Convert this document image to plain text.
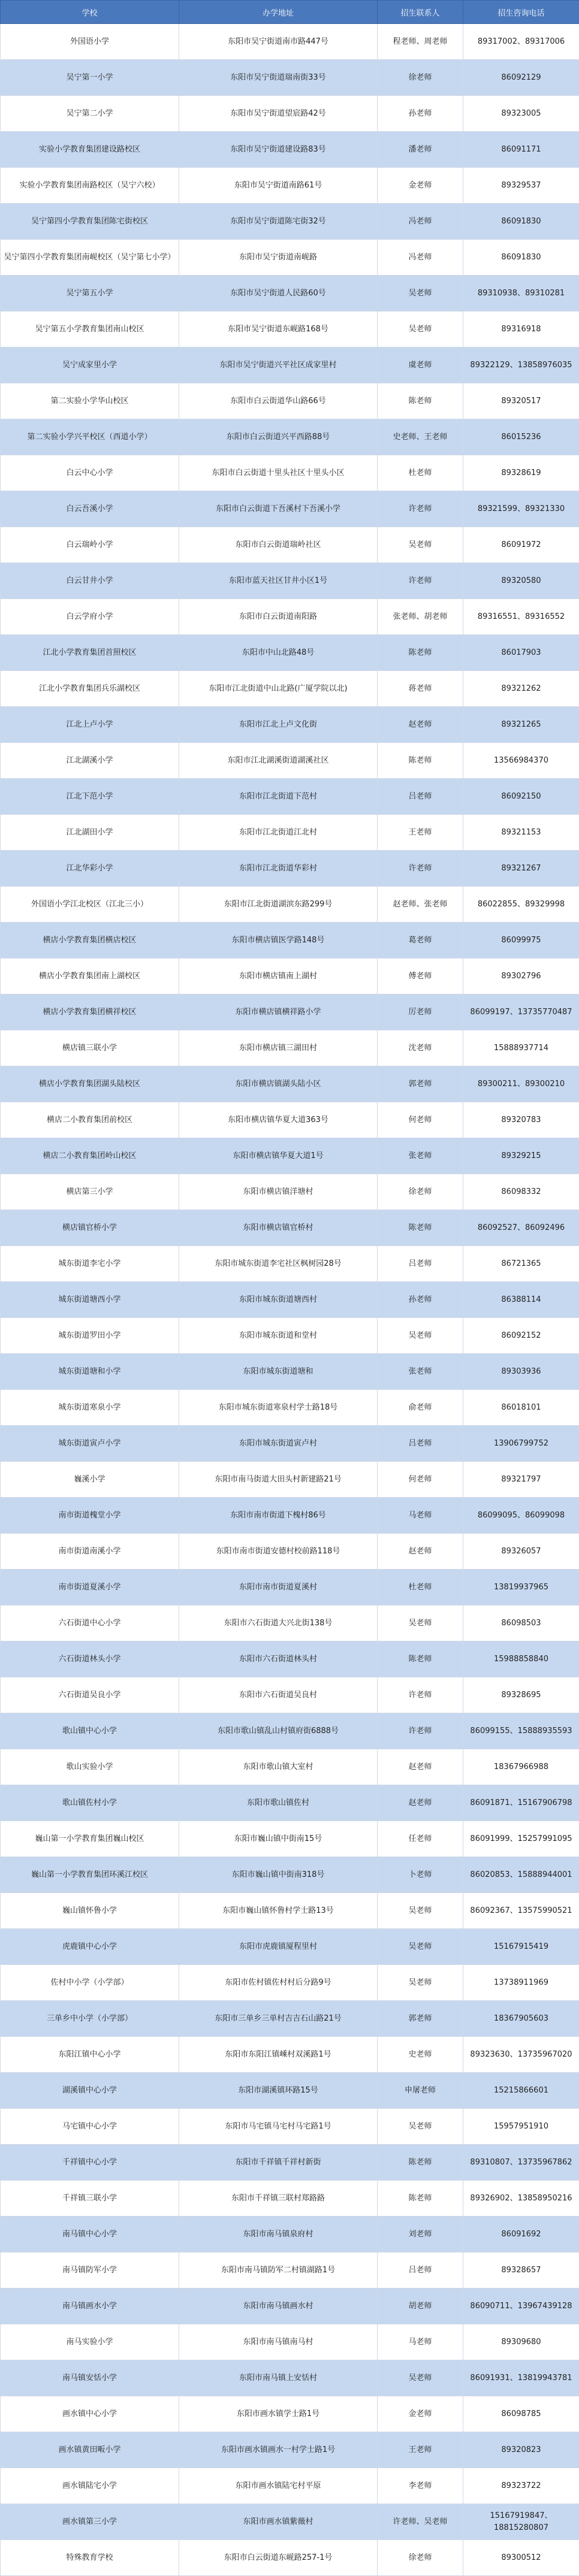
学校	办学地址	招生联系人	招生咨询电话
外国语小学	东阳市吴宁街道南市路447号	程老师、周老师	89317002、89317006
吴宁第一小学	东阳市吴宁街道瑞南街33号	徐老师	86092129
吴宁第二小学	东阳市吴宁街道望宸路42号	孙老师	89323005
实验小学教育集团建设路校区	东阳市吴宁街道建设路83号	潘老师	86091171
实验小学教育集团南路校区（吴宁六校）	东阳市吴宁街道南路61号	金老师	89329537
吴宁第四小学教育集团陈宅街校区	东阳市吴宁街道陈宅街32号	冯老师	86091830
吴宁第四小学教育集团南岘校区（吴宁第七小学）	东阳市吴宁街道南岘路	冯老师	86091830
吴宁第五小学	东阳市吴宁街道人民路60号	吴老师	89310938、89310281
吴宁第五小学教育集团南山校区	东阳市吴宁街道东岘路168号	吴老师	89316918
吴宁成家里小学	东阳市吴宁街道兴平社区成家里村	虞老师	89322129、13858976035
第二实验小学华山校区	东阳市白云街道华山路66号	陈老师	89320517
第二实验小学兴平校区（西道小学）	东阳市白云街道兴平西路88号	史老师、王老师	86015236
白云中心小学	东阳市白云街道十里头社区十里头小区	杜老师	89328619
白云吾溪小学	东阳市白云街道下吾溪村下吾溪小学	许老师	89321599、89321330
白云瑞岭小学	东阳市白云街道瑞岭社区	吴老师	86091972
白云甘井小学	东阳市蓝天社区甘井小区1号	许老师	89320580
白云学府小学	东阳市白云街道南阳路	张老师、胡老师	89316551、89316552
江北小学教育集团首照校区	东阳市中山北路48号	陈老师	86017903
江北小学教育集团兵乐湖校区	东阳市江北街道中山北路(广厦学院以北)	蒋老师	89321262
江北上卢小学	东阳市江北上卢文化街	赵老师	89321265
江北湖溪小学	东阳市江北湖溪街道湖溪社区	陈老师	13566984370
江北下范小学	东阳市江北街道下范村	吕老师	86092150
江北湖田小学	东阳市江北街道江北村	王老师	89321153
江北华彩小学	东阳市江北街道华彩村	许老师	89321267
外国语小学江北校区（江北三小）	东阳市江北街道湖滨东路299号	赵老师、张老师	86022855、89329998
横店小学教育集团横店校区	东阳市横店镇医学路148号	葛老师	86099975
横店小学教育集团南上湖校区	东阳市横店镇南上湖村	傅老师	89302796
横店小学教育集团横祥校区	东阳市横店镇横祥路小学	厉老师	86099197、13735770487
横店镇三联小学	东阳市横店镇三湖田村	沈老师	15888937714
横店小学教育集团湖头陆校区	东阳市横店镇湖头陆小区	郭老师	89300211、89300210
横店二小教育集团前校区	东阳市横店镇华夏大道363号	何老师	89320783
横店二小教育集团岭山校区	东阳市横店镇华夏大道1号	张老师	89329215
横店第三小学	东阳市横店镇洋塘村	徐老师	86098332
横店镇官桥小学	东阳市横店镇官桥村	陈老师	86092527、86092496
城东街道李宅小学	东阳市城东街道李宅社区枫树园28号	吕老师	86721365
城东街道塘西小学	东阳市城东街道塘西村	孙老师	86388114
城东街道罗田小学	东阳市城东街道和堂村	吴老师	86092152
城东街道塘和小学	东阳市城东街道塘和	张老师	89303936
城东街道寒泉小学	东阳市城东街道寒泉村学士路18号	俞老师	86018101
城东街道寅卢小学	东阳市城东街道寅卢村	吕老师	13906799752
巍溪小学	东阳市南马街道大田头村新建路21号	何老师	89321797
南市街道槐堂小学	东阳市南市街道下槐村86号	马老师	86099095、86099098
南市街道南溪小学	东阳市南市街道安德村校前路118号	赵老师	89326057
南市街道夏溪小学	东阳市南市街道夏溪村	杜老师	13819937965
六石街道中心小学	东阳市六石街道大兴北街138号	吴老师	86098503
六石街道林头小学	东阳市六石街道林头村	陈老师	15988858840
六石街道吴良小学	东阳市六石街道吴良村	许老师	89328695
歌山镇中心小学	东阳市歌山镇乱山村镇府街6888号	许老师	86099155、15888935593
歌山实验小学	东阳市歌山镇大室村	赵老师	18367966988
歌山镇佐村小学	东阳市歌山镇佐村	赵老师	86091871、15167906798
巍山第一小学教育集团巍山校区	东阳市巍山镇中街南15号	任老师	86091999、15257991095
巍山第一小学教育集团环溪江校区	东阳市巍山镇中街南318号	卜老师	86020853、15888944001
巍山镇怀鲁小学	东阳市巍山镇怀鲁村学士路13号	吴老师	86092367、13575990521
虎鹿镇中心小学	东阳市虎鹿镇厦程里村	吴老师	15167915419
佐村中小学（小学部）	东阳市佐村镇佐村村后分路9号	吴老师	13738911969
三单乡中小学（小学部）	东阳市三单乡三单村吉吉石山路21号	郭老师	18367905603
东阳江镇中心小学	东阳市东阳江镇嵊村双溪路1号	史老师	89323630、13735967020
湖溪镇中心小学	东阳市湖溪镇环路15号	申屠老师	15215866601
马宅镇中心小学	东阳市马宅镇马宅村马宅路1号	吴老师	15957951910
千祥镇中心小学	东阳市千祥镇千祥村新街	陈老师	89310807、13735967862
千祥镇三联小学	东阳市千祥镇三联村郑路路	陈老师	89326902、13858950216
南马镇中心小学	东阳市南马镇泉府村	刘老师	86091692
南马镇防军小学	东阳市南马镇防军二村镇湖路1号	吕老师	89328657
南马镇画水小学	东阳市南马镇画水村	胡老师	86090711、13967439128
南马实验小学	东阳市南马镇南马村	马老师	89309680
南马镇安恬小学	东阳市南马镇上安恬村	吴老师	86091931、13819943781
画水镇中心小学	东阳市画水镇学士路1号	金老师	86098785
画水镇黄田畈小学	东阳市画水镇画水一村学士路1号	王老师	89320823
画水镇陆宅小学	东阳市画水镇陆宅村平原	李老师	89323722
画水镇第三小学	东阳市画水镇紫薇村	许老师、吴老师	15167919847、18815280807
特殊教育学校	东阳市白云街道东岘路257-1号	徐老师	89300512
